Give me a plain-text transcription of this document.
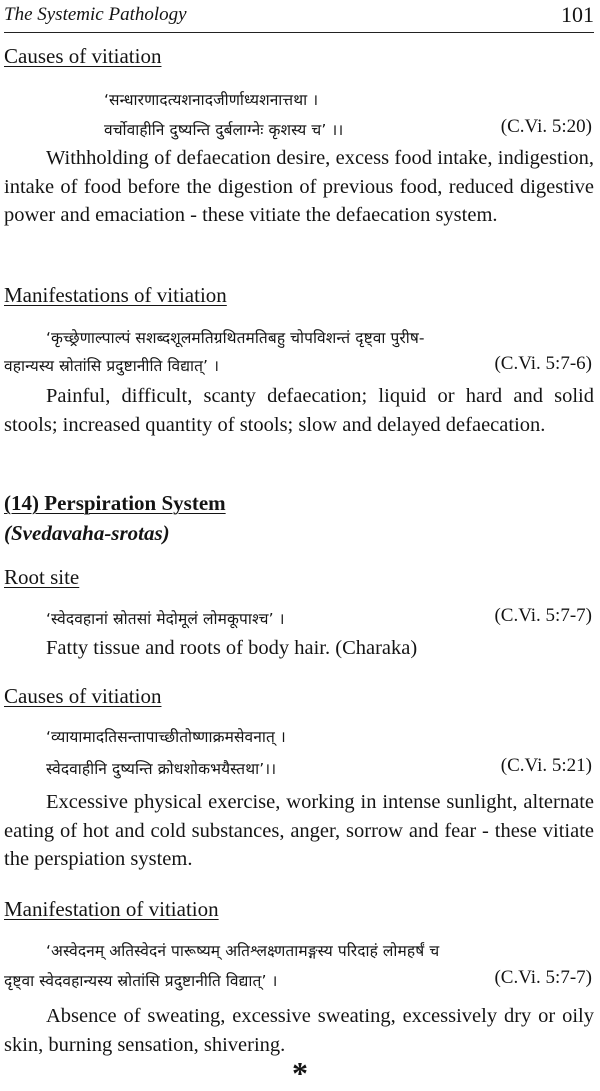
The Systemic Pathology	101
Causes of vitiation
‘सन्धारणादत्यशनादजीर्णाध्यशनात्तथा ।
वर्चोवाहीनि दुष्यन्ति दुर्बलाग्नेः कृशस्य च’ ।।	(C.Vi. 5:20)

Withholding of defaecation desire, excess food intake, indigestion, intake of food before the digestion of previous food, reduced digestive power and emaciation - these vitiate the defaecation system.

Manifestations of vitiation
‘कृच्छ्रेणाल्पाल्पं सशब्दशूलमतिग्रथितमतिबहु चोपविशन्तं दृष्ट्वा पुरीष-
वहान्यस्य स्रोतांसि प्रदुष्टानीति विद्यात्’ ।	(C.Vi. 5:7-6)

Painful, difficult, scanty defaecation; liquid or hard and solid stools; increased quantity of stools; slow and delayed defaecation.

(14) Perspiration System
(Svedavaha-srotas)
Root site
‘स्वेदवहानां स्रोतसां मेदोमूलं लोमकूपाश्च’ ।	(C.Vi. 5:7-7)
Fatty tissue and roots of body hair. (Charaka)
Causes of vitiation
‘व्यायामादतिसन्तापाच्छीतोष्णाक्रमसेवनात् ।
स्वेदवाहीनि दुष्यन्ति क्रोधशोकभयैस्तथा’।।	(C.Vi. 5:21)

Excessive physical exercise, working in intense sunlight, alternate eating of hot and cold substances, anger, sorrow and fear - these vitiate the perspiation system.

Manifestation of vitiation
‘अस्वेदनम् अतिस्वेदनं पारूष्यम् अतिश्लक्ष्णतामङ्गस्य परिदाहं लोमहर्षं च
दृष्ट्वा स्वेदवहान्यस्य स्रोतांसि प्रदुष्टानीति विद्यात्’ ।	(C.Vi. 5:7-7)

Absence of sweating, excessive sweating, excessively dry or oily skin, burning sensation, shivering.

*
